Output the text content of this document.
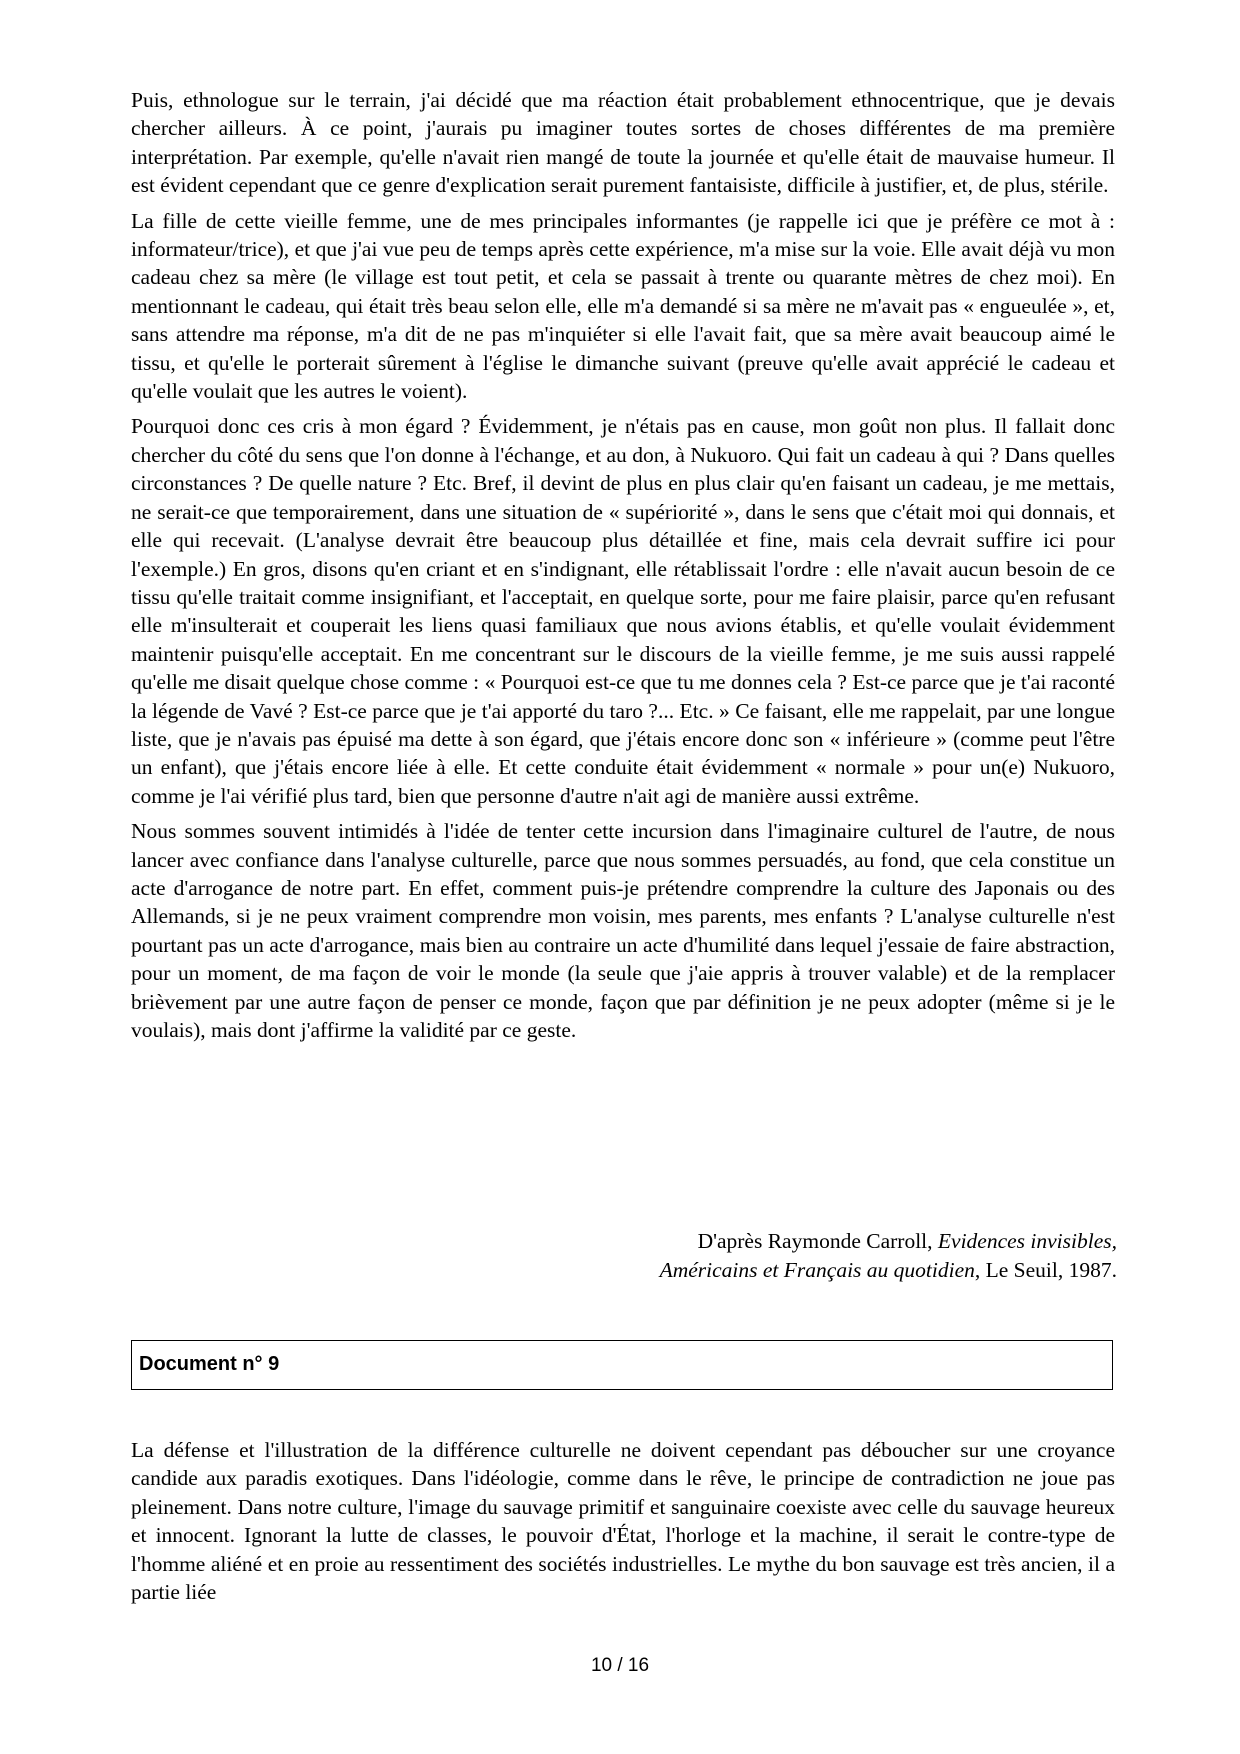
Puis, ethnologue sur le terrain, j'ai décidé que ma réaction était probablement ethnocentrique, que je devais chercher ailleurs. À ce point, j'aurais pu imaginer toutes sortes de choses différentes de ma première interprétation. Par exemple, qu'elle n'avait rien mangé de toute la journée et qu'elle était de mauvaise humeur. Il est évident cependant que ce genre d'explication serait purement fantaisiste, difficile à justifier, et, de plus, stérile.

La fille de cette vieille femme, une de mes principales informantes (je rappelle ici que je préfère ce mot à : informateur/trice), et que j'ai vue peu de temps après cette expérience, m'a mise sur la voie. Elle avait déjà vu mon cadeau chez sa mère (le village est tout petit, et cela se passait à trente ou quarante mètres de chez moi). En mentionnant le cadeau, qui était très beau selon elle, elle m'a demandé si sa mère ne m'avait pas « engueulée », et, sans attendre ma réponse, m'a dit de ne pas m'inquiéter si elle l'avait fait, que sa mère avait beaucoup aimé le tissu, et qu'elle le porterait sûrement à l'église le dimanche suivant (preuve qu'elle avait apprécié le cadeau et qu'elle voulait que les autres le voient).

Pourquoi donc ces cris à mon égard ? Évidemment, je n'étais pas en cause, mon goût non plus. Il fallait donc chercher du côté du sens que l'on donne à l'échange, et au don, à Nukuoro. Qui fait un cadeau à qui ? Dans quelles circonstances ? De quelle nature ? Etc. Bref, il devint de plus en plus clair qu'en faisant un cadeau, je me mettais, ne serait-ce que temporairement, dans une situation de « supériorité », dans le sens que c'était moi qui donnais, et elle qui recevait. (L'analyse devrait être beaucoup plus détaillée et fine, mais cela devrait suffire ici pour l'exemple.) En gros, disons qu'en criant et en s'indignant, elle rétablissait l'ordre : elle n'avait aucun besoin de ce tissu qu'elle traitait comme insignifiant, et l'acceptait, en quelque sorte, pour me faire plaisir, parce qu'en refusant elle m'insulterait et couperait les liens quasi familiaux que nous avions établis, et qu'elle voulait évidemment maintenir puisqu'elle acceptait. En me concentrant sur le discours de la vieille femme, je me suis aussi rappelé qu'elle me disait quelque chose comme : « Pourquoi est-ce que tu me donnes cela ? Est-ce parce que je t'ai raconté la légende de Vavé ? Est-ce parce que je t'ai apporté du taro ?... Etc. » Ce faisant, elle me rappelait, par une longue liste, que je n'avais pas épuisé ma dette à son égard, que j'étais encore donc son « inférieure » (comme peut l'être un enfant), que j'étais encore liée à elle. Et cette conduite était évidemment « normale » pour un(e) Nukuoro, comme je l'ai vérifié plus tard, bien que personne d'autre n'ait agi de manière aussi extrême.

Nous sommes souvent intimidés à l'idée de tenter cette incursion dans l'imaginaire culturel de l'autre, de nous lancer avec confiance dans l'analyse culturelle, parce que nous sommes persuadés, au fond, que cela constitue un acte d'arrogance de notre part. En effet, comment puis-je prétendre comprendre la culture des Japonais ou des Allemands, si je ne peux vraiment comprendre mon voisin, mes parents, mes enfants ? L'analyse culturelle n'est pourtant pas un acte d'arrogance, mais bien au contraire un acte d'humilité dans lequel j'essaie de faire abstraction, pour un moment, de ma façon de voir le monde (la seule que j'aie appris à trouver valable) et de la remplacer brièvement par une autre façon de penser ce monde, façon que par définition je ne peux adopter (même si je le voulais), mais dont j'affirme la validité par ce geste.

D'après Raymonde Carroll, Evidences invisibles,
Américains et Français au quotidien, Le Seuil, 1987.
Document n° 9

La défense et l'illustration de la différence culturelle ne doivent cependant pas déboucher sur une croyance candide aux paradis exotiques. Dans l'idéologie, comme dans le rêve, le principe de contradiction ne joue pas pleinement. Dans notre culture, l'image du sauvage primitif et sanguinaire coexiste avec celle du sauvage heureux et innocent. Ignorant la lutte de classes, le pouvoir d'État, l'horloge et la machine, il serait le contre-type de l'homme aliéné et en proie au ressentiment des sociétés industrielles. Le mythe du bon sauvage est très ancien, il a partie liée

10 / 16
